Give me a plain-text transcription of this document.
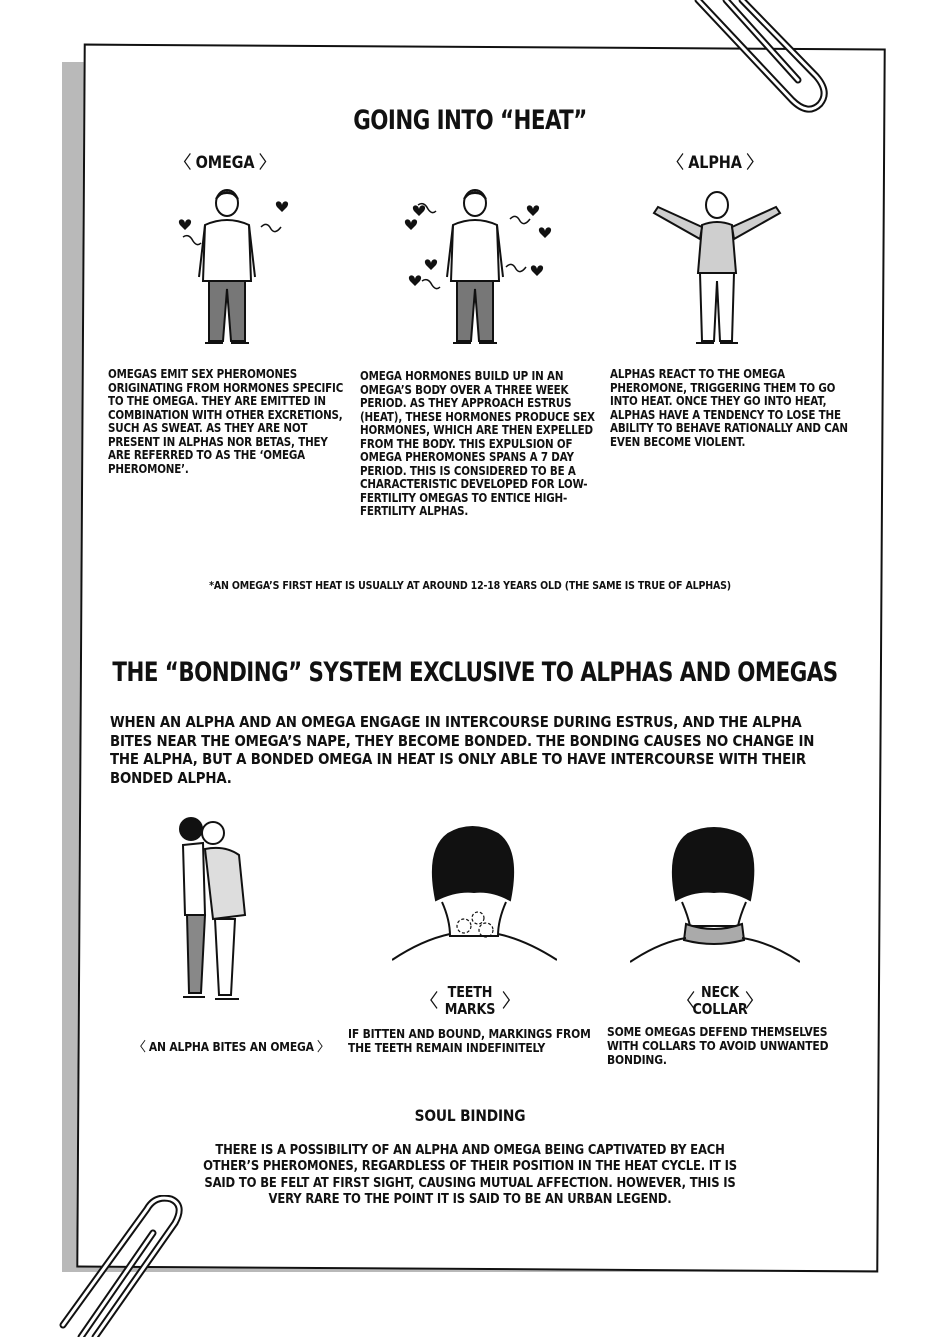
GOING INTO “HEAT”
〈 OMEGA 〉	〈 ALPHA 〉
OMEGAS EMIT SEX PHEROMONES ORIGINATING FROM HORMONES SPECIFIC TO THE OMEGA. THEY ARE EMITTED IN COMBINATION WITH OTHER EXCRETIONS, SUCH AS SWEAT. AS THEY ARE NOT PRESENT IN ALPHAS NOR BETAS, THEY ARE REFERRED TO AS THE ‘OMEGA PHEROMONE’.
OMEGA HORMONES BUILD UP IN AN OMEGA’S BODY OVER A THREE WEEK PERIOD. AS THEY APPROACH ESTRUS (HEAT), THESE HORMONES PRODUCE SEX HORMONES, WHICH ARE THEN EXPELLED FROM THE BODY. THIS EXPULSION OF OMEGA PHEROMONES SPANS A 7 DAY PERIOD. THIS IS CONSIDERED TO BE A CHARACTERISTIC DEVELOPED FOR LOW-FERTILITY OMEGAS TO ENTICE HIGH-FERTILITY ALPHAS.
ALPHAS REACT TO THE OMEGA PHEROMONE, TRIGGERING THEM TO GO INTO HEAT. ONCE THEY GO INTO HEAT, ALPHAS HAVE A TENDENCY TO LOSE THE ABILITY TO BEHAVE RATIONALLY AND CAN EVEN BECOME VIOLENT.
*AN OMEGA’S FIRST HEAT IS USUALLY AT AROUND 12-18 YEARS OLD (THE SAME IS TRUE OF ALPHAS)
THE “BONDING” SYSTEM EXCLUSIVE TO ALPHAS AND OMEGAS
WHEN AN ALPHA AND AN OMEGA ENGAGE IN INTERCOURSE DURING ESTRUS, AND THE ALPHA BITES NEAR THE OMEGA’S NAPE, THEY BECOME BONDED. THE BONDING CAUSES NO CHANGE IN THE ALPHA, BUT A BONDED OMEGA IN HEAT IS ONLY ABLE TO HAVE INTERCOURSE WITH THEIR BONDED ALPHA.
〈 AN ALPHA BITES AN OMEGA 〉
〈 TEETH
MARKS 〉	〈 NECK
COLLAR
〉
IF BITTEN AND BOUND, MARKINGS FROM THE TEETH REMAIN INDEFINITELY
SOME OMEGAS DEFEND THEMSELVES WITH COLLARS TO AVOID UNWANTED BONDING.
SOUL BINDING
THERE IS A POSSIBILITY OF AN ALPHA AND OMEGA BEING CAPTIVATED BY EACH OTHER’S PHEROMONES, REGARDLESS OF THEIR POSITION IN THE HEAT CYCLE. IT IS SAID TO BE FELT AT FIRST SIGHT, CAUSING MUTUAL AFFECTION. HOWEVER, THIS IS VERY RARE TO THE POINT IT IS SAID TO BE AN URBAN LEGEND.
